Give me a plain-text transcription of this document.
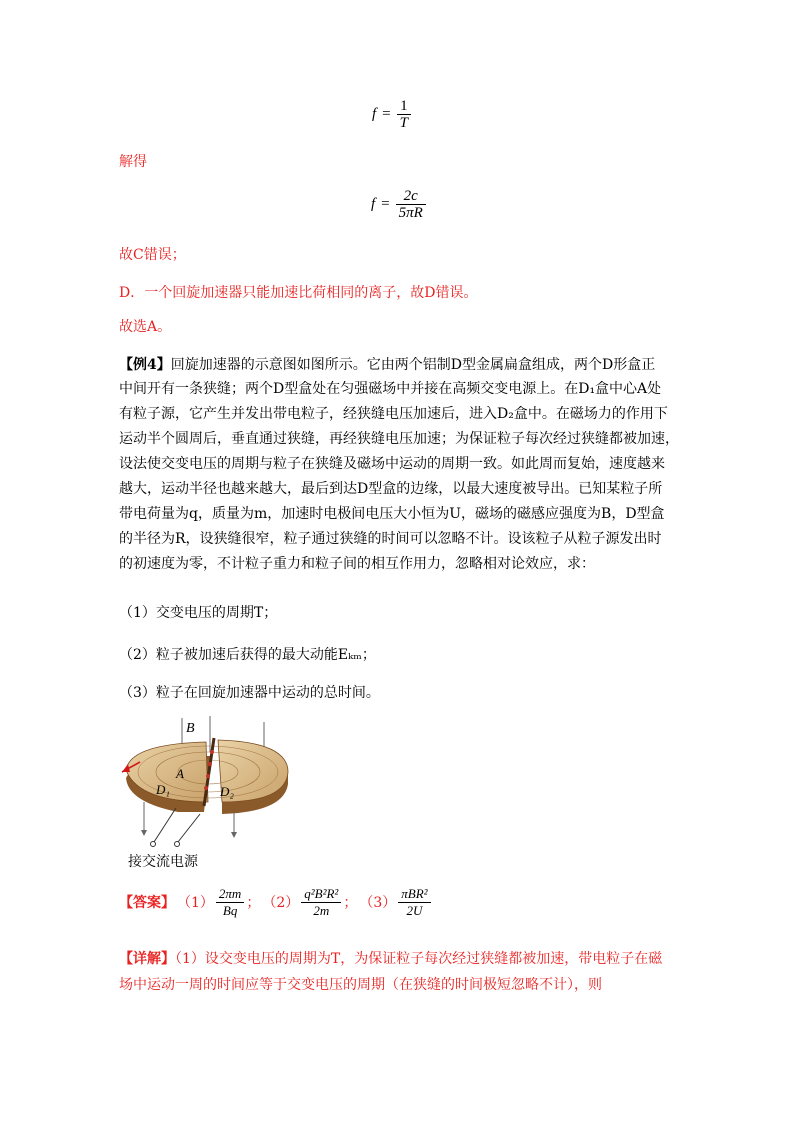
$f = \frac{1}{T}$
解得
$f = \frac{2c}{5\pi R}$
故C错误；
D．一个回旋加速器只能加速比荷相同的离子，故D错误。
故选A。
【例4】回旋加速器的示意图如图所示。它由两个铝制D型金属扁盒组成，两个D形盒正
中间开有一条狭缝；两个D型盒处在匀强磁场中并接在高频交变电源上。在D₁盒中心A处
有粒子源，它产生并发出带电粒子，经狭缝电压加速后，进入D₂盒中。在磁场力的作用下
运动半个圆周后，垂直通过狭缝，再经狭缝电压加速；为保证粒子每次经过狭缝都被加速，
设法使交变电压的周期与粒子在狭缝及磁场中运动的周期一致。如此周而复始，速度越来
越大，运动半径也越来越大，最后到达D型盒的边缘，以最大速度被导出。已知某粒子所
带电荷量为q，质量为m，加速时电极间电压大小恒为U，磁场的磁感应强度为B，D型盒
的半径为R，设狭缝很窄，粒子通过狭缝的时间可以忽略不计。设该粒子从粒子源发出时
的初速度为零，不计粒子重力和粒子间的相互作用力，忽略相对论效应，求：
（1）交变电压的周期T；
（2）粒子被加速后获得的最大动能Eₖₘ；
（3）粒子在回旋加速器中运动的总时间。
B
A
D₁	D₂
接交流电源
【答案】 $(1) \frac{2\pi m}{Bq}$ ； $(2) \frac{\text{q²B²R²}}{2m}$ ； $(3) \frac{\text{πBR²}}{2U}$
【详解】（1）设交变电压的周期为T，为保证粒子每次经过狭缝都被加速，带电粒子在磁
场中运动一周的时间应等于交变电压的周期（在狭缝的时间极短忽略不计），则
